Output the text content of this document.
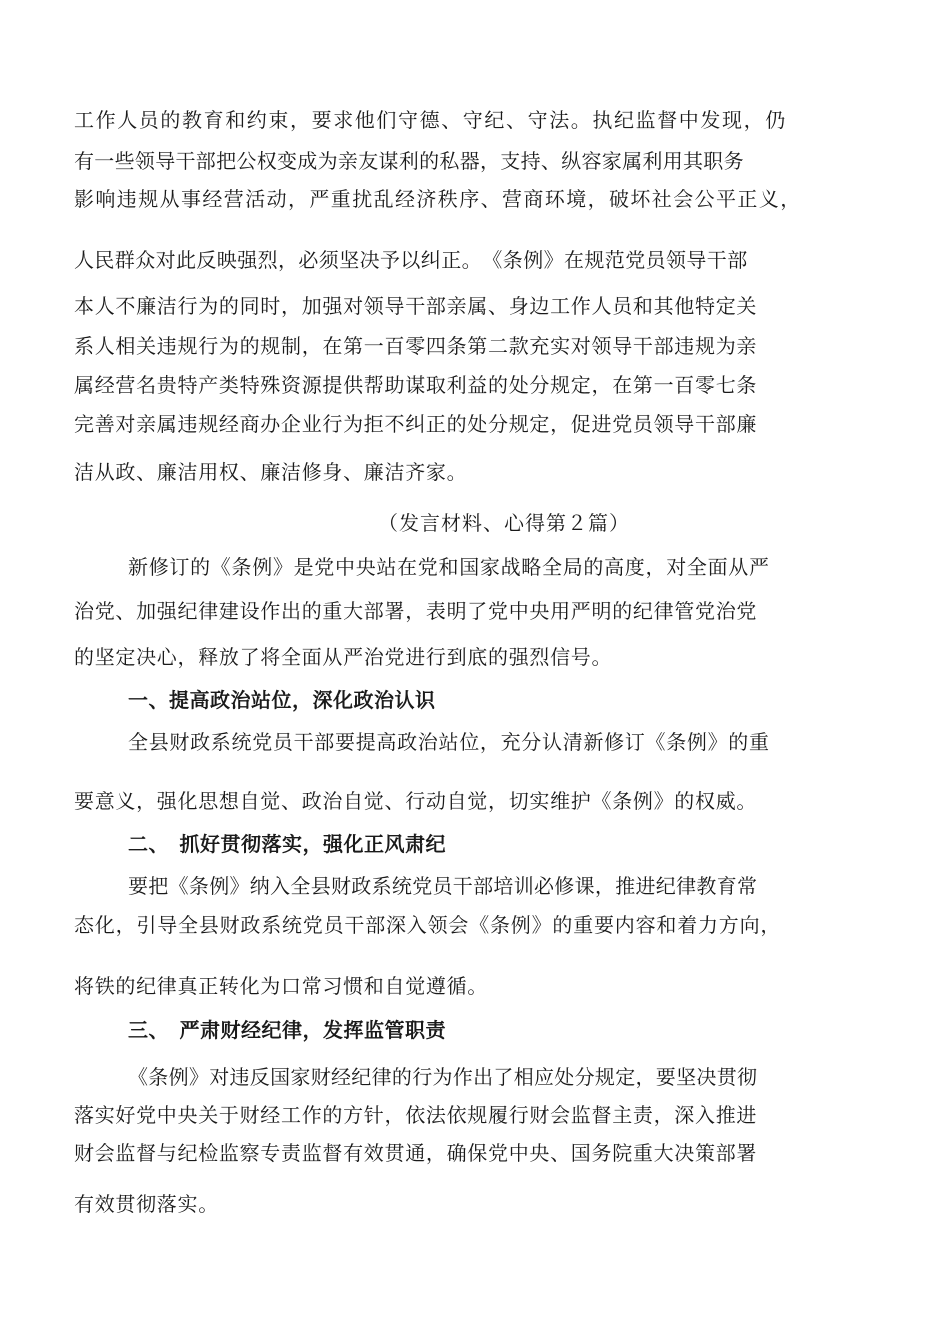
工作人员的教育和约束，要求他们守德、守纪、守法。执纪监督中发现，仍
有一些领导干部把公权变成为亲友谋利的私器，支持、纵容家属利用其职务
影响违规从事经营活动，严重扰乱经济秩序、营商环境，破坏社会公平正义，
人民群众对此反映强烈，必须坚决予以纠正。　《条例》在规范党员领导干部
本人不廉洁行为的同时，加强对领导干部亲属、身边工作人员和其他特定关
系人相关违规行为的规制，在第一百零四条第二款充实对领导干部违规为亲
属经营名贵特产类特殊资源提供帮助谋取利益的处分规定，在第一百零七条
完善对亲属违规经商办企业行为拒不纠正的处分规定，促进党员领导干部廉
洁从政、廉洁用权、廉洁修身、廉洁齐家。
（发言材料、心得第２篇）
新修订的《条例》是党中央站在党和国家战略全局的高度，对全面从严
治党、加强纪律建设作出的重大部署，表明了党中央用严明的纪律管党治党
的坚定决心，释放了将全面从严治党进行到底的强烈信号。
一、提高政治站位，深化政治认识
全县财政系统党员干部要提高政治站位，充分认清新修订《条例》的重
要意义，强化思想自觉、政治自觉、行动自觉，切实维护《条例》的权威。
二、　抓好贯彻落实，强化正风肃纪
要把《条例》纳入全县财政系统党员干部培训必修课，推进纪律教育常
态化，引导全县财政系统党员干部深入领会《条例》的重要内容和着力方向，
将铁的纪律真正转化为口常习惯和自觉遵循。
三、　严肃财经纪律，发挥监管职责
《条例》对违反国家财经纪律的行为作出了相应处分规定，要坚决贯彻
落实好党中央关于财经工作的方针，依法依规履行财会监督主责，深入推进
财会监督与纪检监察专责监督有效贯通，确保党中央、国务院重大决策部署
有效贯彻落实。
